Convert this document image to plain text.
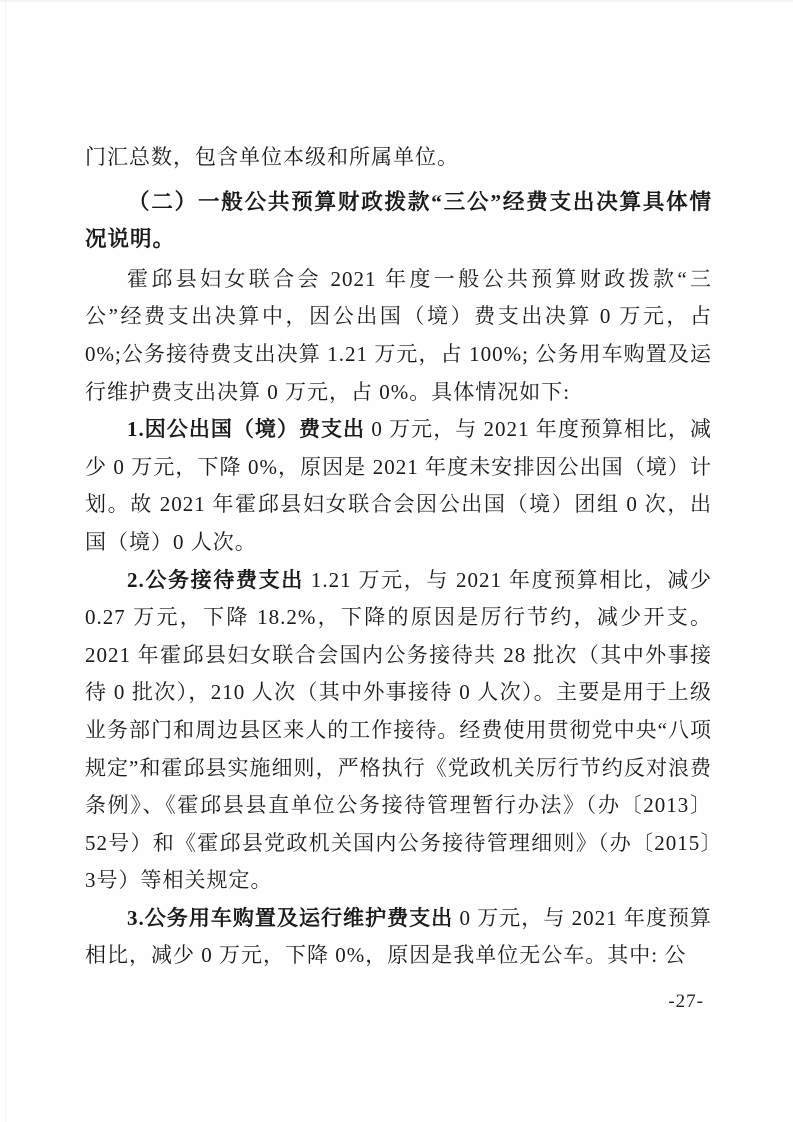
门汇总数，包含单位本级和所属单位。

（二）一般公共预算财政拨款“三公”经费支出决算具体情况说明。

霍邱县妇女联合会 2021 年度一般公共预算财政拨款“三公”经费支出决算中，因公出国（境）费支出决算 0 万元，占 0%;公务接待费支出决算 1.21 万元，占 100%; 公务用车购置及运行维护费支出决算 0 万元，占 0%。具体情况如下:

1.因公出国（境）费支出 0 万元，与 2021 年度预算相比，减少 0 万元，下降 0%，原因是 2021 年度未安排因公出国（境）计划。故 2021 年霍邱县妇女联合会因公出国（境）团组 0 次，出国（境）0 人次。

2.公务接待费支出 1.21 万元，与 2021 年度预算相比，减少 0.27 万元，下降 18.2%，下降的原因是厉行节约，减少开支。2021 年霍邱县妇女联合会国内公务接待共 28 批次（其中外事接待 0 批次），210 人次（其中外事接待 0 人次）。主要是用于上级业务部门和周边县区来人的工作接待。经费使用贯彻党中央“八项规定”和霍邱县实施细则，严格执行《党政机关厉行节约反对浪费条例》、《霍邱县县直单位公务接待管理暂行办法》（办〔2013〕52号）和《霍邱县党政机关国内公务接待管理细则》（办〔2015〕3号）等相关规定。

3.公务用车购置及运行维护费支出 0 万元，与 2021 年度预算相比，减少 0 万元，下降 0%，原因是我单位无公车。其中: 公

-27-
